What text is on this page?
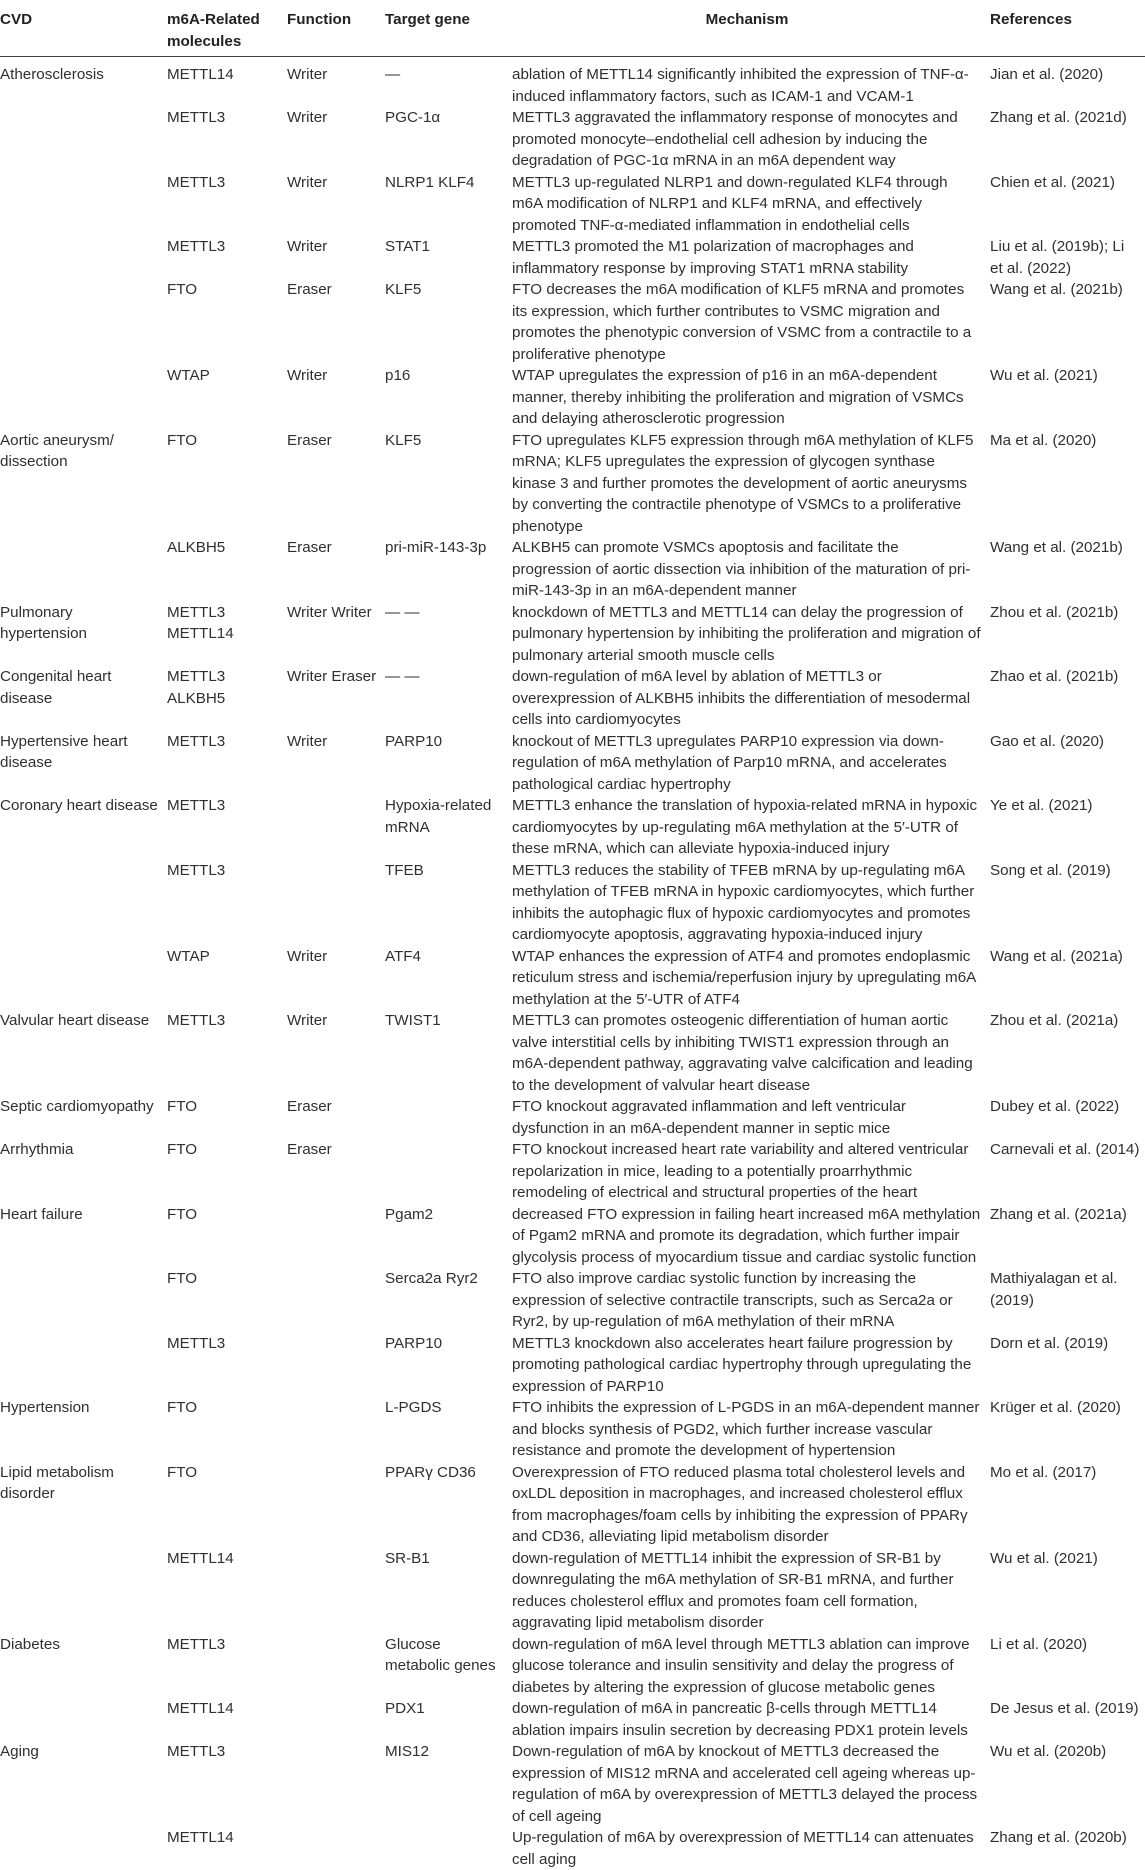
CVD	m6A-Related molecules	Function	Target gene	Mechanism	References
Atherosclerosis	METTL14	Writer	—	ablation of METTL14 significantly inhibited the expression of TNF-α-induced inflammatory factors, such as ICAM-1 and VCAM-1	Jian et al. (2020)
	METTL3	Writer	PGC-1α	METTL3 aggravated the inflammatory response of monocytes and promoted monocyte–endothelial cell adhesion by inducing the degradation of PGC-1α mRNA in an m6A dependent way	Zhang et al. (2021d)
	METTL3	Writer	NLRP1 KLF4	METTL3 up-regulated NLRP1 and down-regulated KLF4 through m6A modification of NLRP1 and KLF4 mRNA, and effectively promoted TNF-α-mediated inflammation in endothelial cells	Chien et al. (2021)
	METTL3	Writer	STAT1	METTL3 promoted the M1 polarization of macrophages and inflammatory response by improving STAT1 mRNA stability	Liu et al. (2019b); Li et al. (2022)
	FTO	Eraser	KLF5	FTO decreases the m6A modification of KLF5 mRNA and promotes its expression, which further contributes to VSMC migration and promotes the phenotypic conversion of VSMC from a contractile to a proliferative phenotype	Wang et al. (2021b)
	WTAP	Writer	p16	WTAP upregulates the expression of p16 in an m6A-dependent manner, thereby inhibiting the proliferation and migration of VSMCs and delaying atherosclerotic progression	Wu et al. (2021)
Aortic aneurysm/ dissection	FTO	Eraser	KLF5	FTO upregulates KLF5 expression through m6A methylation of KLF5 mRNA; KLF5 upregulates the expression of glycogen synthase kinase 3 and further promotes the development of aortic aneurysms by converting the contractile phenotype of VSMCs to a proliferative phenotype	Ma et al. (2020)
	ALKBH5	Eraser	pri-miR-143-3p	ALKBH5 can promote VSMCs apoptosis and facilitate the progression of aortic dissection via inhibition of the maturation of pri-miR-143-3p in an m6A-dependent manner	Wang et al. (2021b)
Pulmonary hypertension	METTL3 METTL14	Writer Writer	— —	knockdown of METTL3 and METTL14 can delay the progression of pulmonary hypertension by inhibiting the proliferation and migration of pulmonary arterial smooth muscle cells	Zhou et al. (2021b)
Congenital heart disease	METTL3 ALKBH5	Writer Eraser	— —	down-regulation of m6A level by ablation of METTL3 or overexpression of ALKBH5 inhibits the differentiation of mesodermal cells into cardiomyocytes	Zhao et al. (2021b)
Hypertensive heart disease	METTL3	Writer	PARP10	knockout of METTL3 upregulates PARP10 expression via down-regulation of m6A methylation of Parp10 mRNA, and accelerates pathological cardiac hypertrophy	Gao et al. (2020)
Coronary heart disease	METTL3		Hypoxia-related mRNA	METTL3 enhance the translation of hypoxia-related mRNA in hypoxic cardiomyocytes by up-regulating m6A methylation at the 5′-UTR of these mRNA, which can alleviate hypoxia-induced injury	Ye et al. (2021)
	METTL3		TFEB	METTL3 reduces the stability of TFEB mRNA by up-regulating m6A methylation of TFEB mRNA in hypoxic cardiomyocytes, which further inhibits the autophagic flux of hypoxic cardiomyocytes and promotes cardiomyocyte apoptosis, aggravating hypoxia-induced injury	Song et al. (2019)
	WTAP	Writer	ATF4	WTAP enhances the expression of ATF4 and promotes endoplasmic reticulum stress and ischemia/reperfusion injury by upregulating m6A methylation at the 5′-UTR of ATF4	Wang et al. (2021a)
Valvular heart disease	METTL3	Writer	TWIST1	METTL3 can promotes osteogenic differentiation of human aortic valve interstitial cells by inhibiting TWIST1 expression through an m6A-dependent pathway, aggravating valve calcification and leading to the development of valvular heart disease	Zhou et al. (2021a)
Septic cardiomyopathy	FTO	Eraser		FTO knockout aggravated inflammation and left ventricular dysfunction in an m6A-dependent manner in septic mice	Dubey et al. (2022)
Arrhythmia	FTO	Eraser		FTO knockout increased heart rate variability and altered ventricular repolarization in mice, leading to a potentially proarrhythmic remodeling of electrical and structural properties of the heart	Carnevali et al. (2014)
Heart failure	FTO		Pgam2	decreased FTO expression in failing heart increased m6A methylation of Pgam2 mRNA and promote its degradation, which further impair glycolysis process of myocardium tissue and cardiac systolic function	Zhang et al. (2021a)
	FTO		Serca2a Ryr2	FTO also improve cardiac systolic function by increasing the expression of selective contractile transcripts, such as Serca2a or Ryr2, by up-regulation of m6A methylation of their mRNA	Mathiyalagan et al. (2019)
	METTL3		PARP10	METTL3 knockdown also accelerates heart failure progression by promoting pathological cardiac hypertrophy through upregulating the expression of PARP10	Dorn et al. (2019)
Hypertension	FTO		L-PGDS	FTO inhibits the expression of L-PGDS in an m6A-dependent manner and blocks synthesis of PGD2, which further increase vascular resistance and promote the development of hypertension	Krüger et al. (2020)
Lipid metabolism disorder	FTO		PPARγ CD36	Overexpression of FTO reduced plasma total cholesterol levels and oxLDL deposition in macrophages, and increased cholesterol efflux from macrophages/foam cells by inhibiting the expression of PPARγ and CD36, alleviating lipid metabolism disorder	Mo et al. (2017)
	METTL14		SR-B1	down-regulation of METTL14 inhibit the expression of SR-B1 by downregulating the m6A methylation of SR-B1 mRNA, and further reduces cholesterol efflux and promotes foam cell formation, aggravating lipid metabolism disorder	Wu et al. (2021)
Diabetes	METTL3		Glucose metabolic genes	down-regulation of m6A level through METTL3 ablation can improve glucose tolerance and insulin sensitivity and delay the progress of diabetes by altering the expression of glucose metabolic genes	Li et al. (2020)
	METTL14		PDX1	down-regulation of m6A in pancreatic β-cells through METTL14 ablation impairs insulin secretion by decreasing PDX1 protein levels	De Jesus et al. (2019)
Aging	METTL3		MIS12	Down-regulation of m6A by knockout of METTL3 decreased the expression of MIS12 mRNA and accelerated cell ageing whereas up-regulation of m6A by overexpression of METTL3 delayed the process of cell ageing	Wu et al. (2020b)
	METTL14			Up-regulation of m6A by overexpression of METTL14 can attenuates cell aging	Zhang et al. (2020b)
